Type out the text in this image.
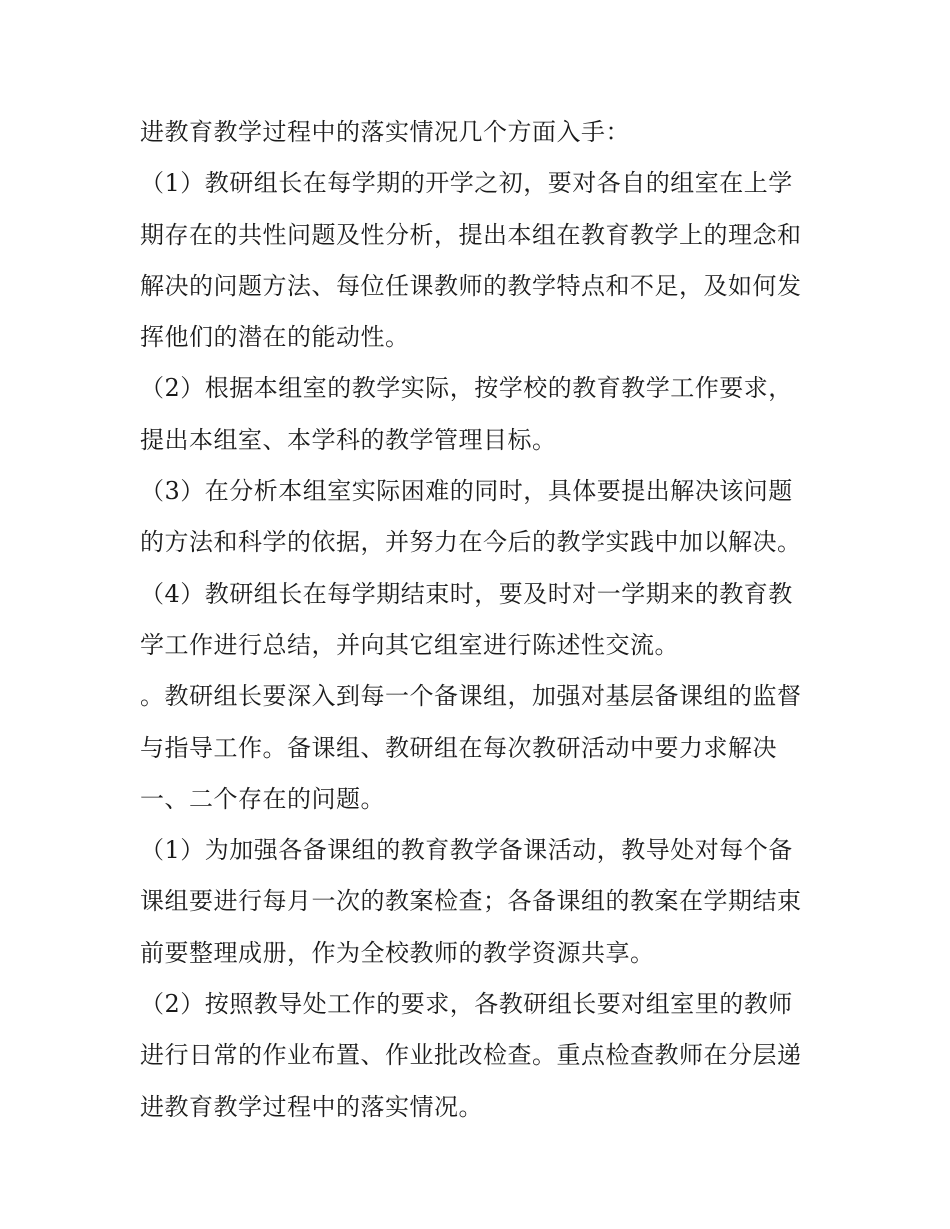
进教育教学过程中的落实情况几个方面入手：
（1）教研组长在每学期的开学之初，要对各自的组室在上学
期存在的共性问题及性分析，提出本组在教育教学上的理念和
解决的问题方法、每位任课教师的教学特点和不足，及如何发
挥他们的潜在的能动性。
（2）根据本组室的教学实际，按学校的教育教学工作要求，
提出本组室、本学科的教学管理目标。
（3）在分析本组室实际困难的同时，具体要提出解决该问题
的方法和科学的依据，并努力在今后的教学实践中加以解决。
（4）教研组长在每学期结束时，要及时对一学期来的教育教
学工作进行总结，并向其它组室进行陈述性交流。
。教研组长要深入到每一个备课组，加强对基层备课组的监督
与指导工作。备课组、教研组在每次教研活动中要力求解决
一、二个存在的问题。
（1）为加强各备课组的教育教学备课活动，教导处对每个备
课组要进行每月一次的教案检查；各备课组的教案在学期结束
前要整理成册，作为全校教师的教学资源共享。
（2）按照教导处工作的要求，各教研组长要对组室里的教师
进行日常的作业布置、作业批改检查。重点检查教师在分层递
进教育教学过程中的落实情况。
